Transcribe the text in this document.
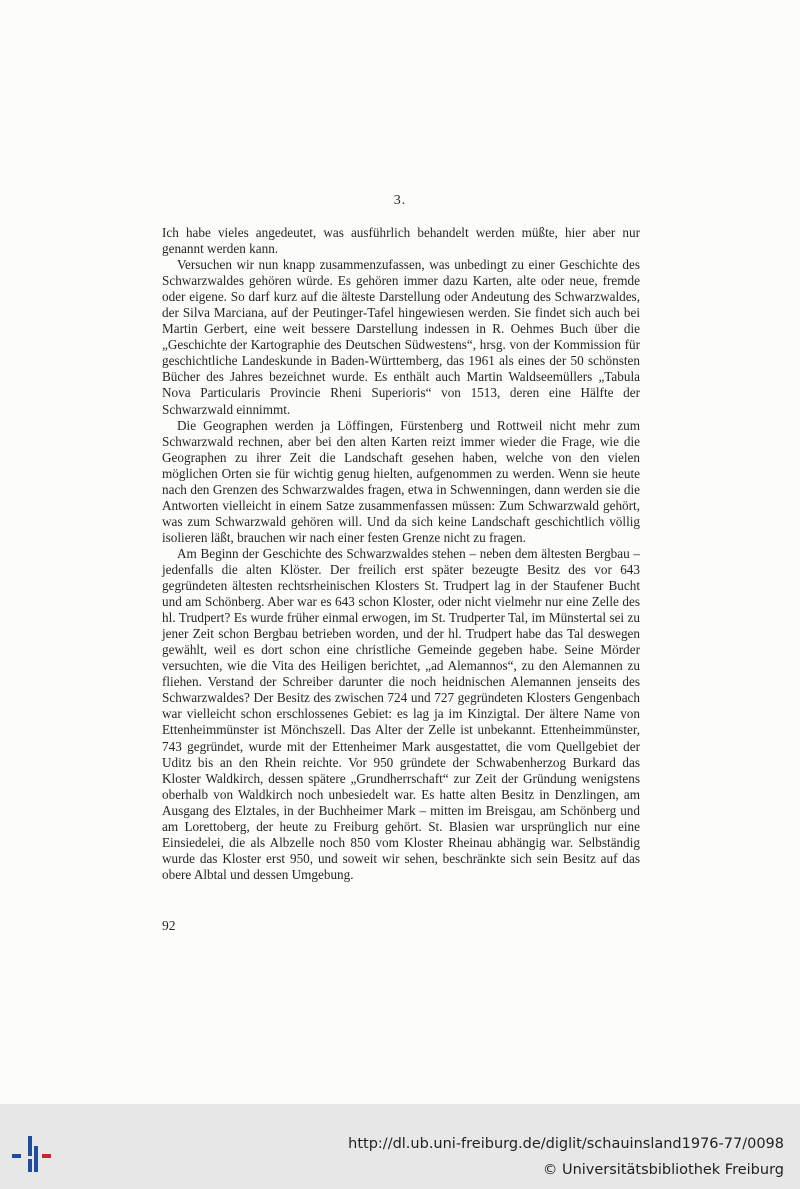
3.

Ich habe vieles angedeutet, was ausführlich behandelt werden müßte, hier aber nur genannt werden kann.

Versuchen wir nun knapp zusammenzufassen, was unbedingt zu einer Geschichte des Schwarzwaldes gehören würde. Es gehören immer dazu Karten, alte oder neue, fremde oder eigene. So darf kurz auf die älteste Darstellung oder Andeutung des Schwarzwaldes, der Silva Marciana, auf der Peutinger-Tafel hingewiesen werden. Sie findet sich auch bei Martin Gerbert, eine weit bessere Darstellung indessen in R. Oehmes Buch über die „Geschichte der Kartographie des Deutschen Südwestens“, hrsg. von der Kommission für geschichtliche Landeskunde in Baden-Württemberg, das 1961 als eines der 50 schönsten Bücher des Jahres bezeichnet wurde. Es enthält auch Martin Waldseemüllers „Tabula Nova Particularis Provincie Rheni Superioris“ von 1513, deren eine Hälfte der Schwarzwald einnimmt.

Die Geographen werden ja Löffingen, Fürstenberg und Rottweil nicht mehr zum Schwarzwald rechnen, aber bei den alten Karten reizt immer wieder die Frage, wie die Geographen zu ihrer Zeit die Landschaft gesehen haben, welche von den vielen möglichen Orten sie für wichtig genug hielten, aufgenommen zu werden. Wenn sie heute nach den Grenzen des Schwarzwaldes fragen, etwa in Schwenningen, dann werden sie die Antworten vielleicht in einem Satze zusammenfassen müssen: Zum Schwarzwald gehört, was zum Schwarzwald gehören will. Und da sich keine Landschaft geschichtlich völlig isolieren läßt, brauchen wir nach einer festen Grenze nicht zu fragen.

Am Beginn der Geschichte des Schwarzwaldes stehen – neben dem ältesten Bergbau – jedenfalls die alten Klöster. Der freilich erst später bezeugte Besitz des vor 643 gegründeten ältesten rechtsrheinischen Klosters St. Trudpert lag in der Staufener Bucht und am Schönberg. Aber war es 643 schon Kloster, oder nicht vielmehr nur eine Zelle des hl. Trudpert? Es wurde früher einmal erwogen, im St. Trudperter Tal, im Münstertal sei zu jener Zeit schon Bergbau betrieben worden, und der hl. Trudpert habe das Tal deswegen gewählt, weil es dort schon eine christliche Gemeinde gegeben habe. Seine Mörder versuchten, wie die Vita des Heiligen berichtet, „ad Alemannos“, zu den Alemannen zu fliehen. Verstand der Schreiber darunter die noch heidnischen Alemannen jenseits des Schwarzwaldes? Der Besitz des zwischen 724 und 727 gegründeten Klosters Gengenbach war vielleicht schon erschlossenes Gebiet: es lag ja im Kinzigtal. Der ältere Name von Ettenheimmünster ist Mönchszell. Das Alter der Zelle ist unbekannt. Ettenheimmünster, 743 gegründet, wurde mit der Ettenheimer Mark ausgestattet, die vom Quellgebiet der Uditz bis an den Rhein reichte. Vor 950 gründete der Schwabenherzog Burkard das Kloster Waldkirch, dessen spätere „Grundherrschaft“ zur Zeit der Gründung wenigstens oberhalb von Waldkirch noch unbesiedelt war. Es hatte alten Besitz in Denzlingen, am Ausgang des Elztales, in der Buchheimer Mark – mitten im Breisgau, am Schönberg und am Lorettoberg, der heute zu Freiburg gehört. St. Blasien war ursprünglich nur eine Einsiedelei, die als Albzelle noch 850 vom Kloster Rheinau abhängig war. Selbständig wurde das Kloster erst 950, und soweit wir sehen, beschränkte sich sein Besitz auf das obere Albtal und dessen Umgebung.

92
http://dl.ub.uni-freiburg.de/diglit/schauinsland1976-77/0098
© Universitätsbibliothek Freiburg
